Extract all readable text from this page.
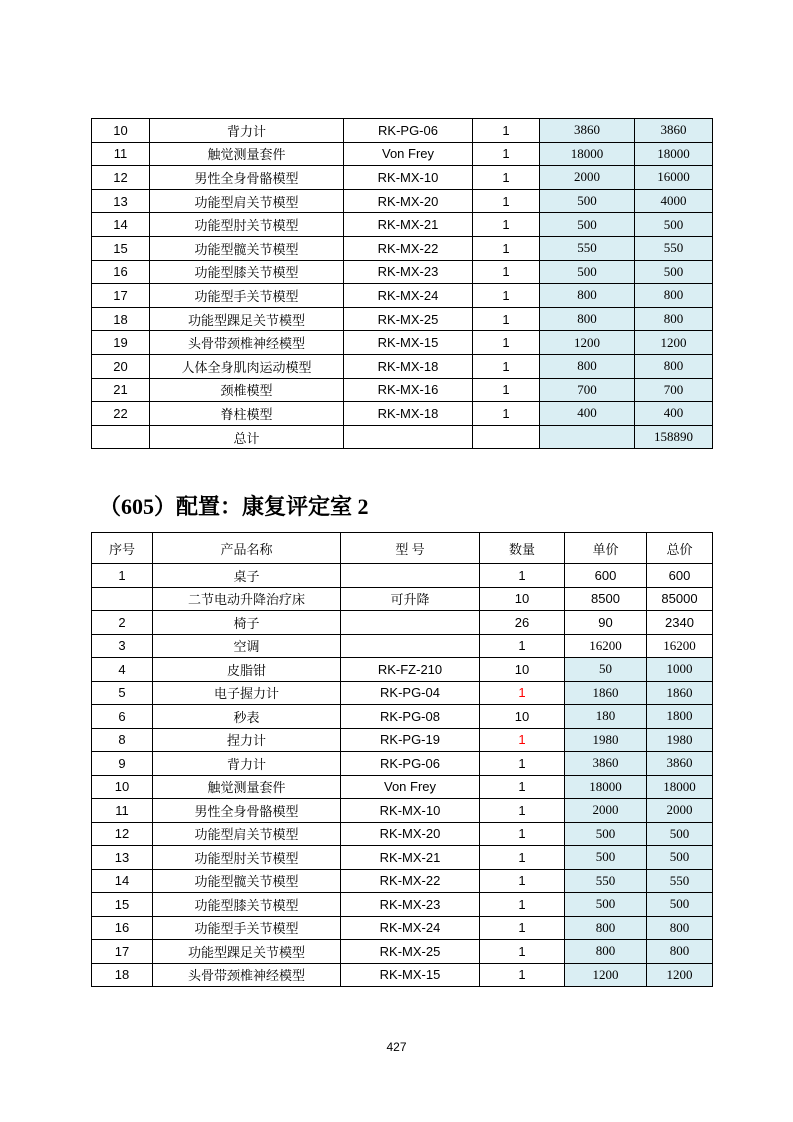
10	背力计	RK-PG-06	1	3860	3860
11	触觉测量套件	Von Frey	1	18000	18000
12	男性全身骨骼模型	RK-MX-10	1	2000	16000
13	功能型肩关节模型	RK-MX-20	1	500	4000
14	功能型肘关节模型	RK-MX-21	1	500	500
15	功能型髋关节模型	RK-MX-22	1	550	550
16	功能型膝关节模型	RK-MX-23	1	500	500
17	功能型手关节模型	RK-MX-24	1	800	800
18	功能型踝足关节模型	RK-MX-25	1	800	800
19	头骨带颈椎神经模型	RK-MX-15	1	1200	1200
20	人体全身肌肉运动模型	RK-MX-18	1	800	800
21	颈椎模型	RK-MX-16	1	700	700
22	脊柱模型	RK-MX-18	1	400	400
	总计				158890
（605）配置：康复评定室 2
序号	产品名称	型 号	数量	单价	总价
1	桌子		1	600	600
	二节电动升降治疗床	可升降	10	8500	85000
2	椅子		26	90	2340
3	空调		1	16200	16200
4	皮脂钳	RK-FZ-210	10	50	1000
5	电子握力计	RK-PG-04	1	1860	1860
6	秒表	RK-PG-08	10	180	1800
8	捏力计	RK-PG-19	1	1980	1980
9	背力计	RK-PG-06	1	3860	3860
10	触觉测量套件	Von Frey	1	18000	18000
11	男性全身骨骼模型	RK-MX-10	1	2000	2000
12	功能型肩关节模型	RK-MX-20	1	500	500
13	功能型肘关节模型	RK-MX-21	1	500	500
14	功能型髋关节模型	RK-MX-22	1	550	550
15	功能型膝关节模型	RK-MX-23	1	500	500
16	功能型手关节模型	RK-MX-24	1	800	800
17	功能型踝足关节模型	RK-MX-25	1	800	800
18	头骨带颈椎神经模型	RK-MX-15	1	1200	1200
427
